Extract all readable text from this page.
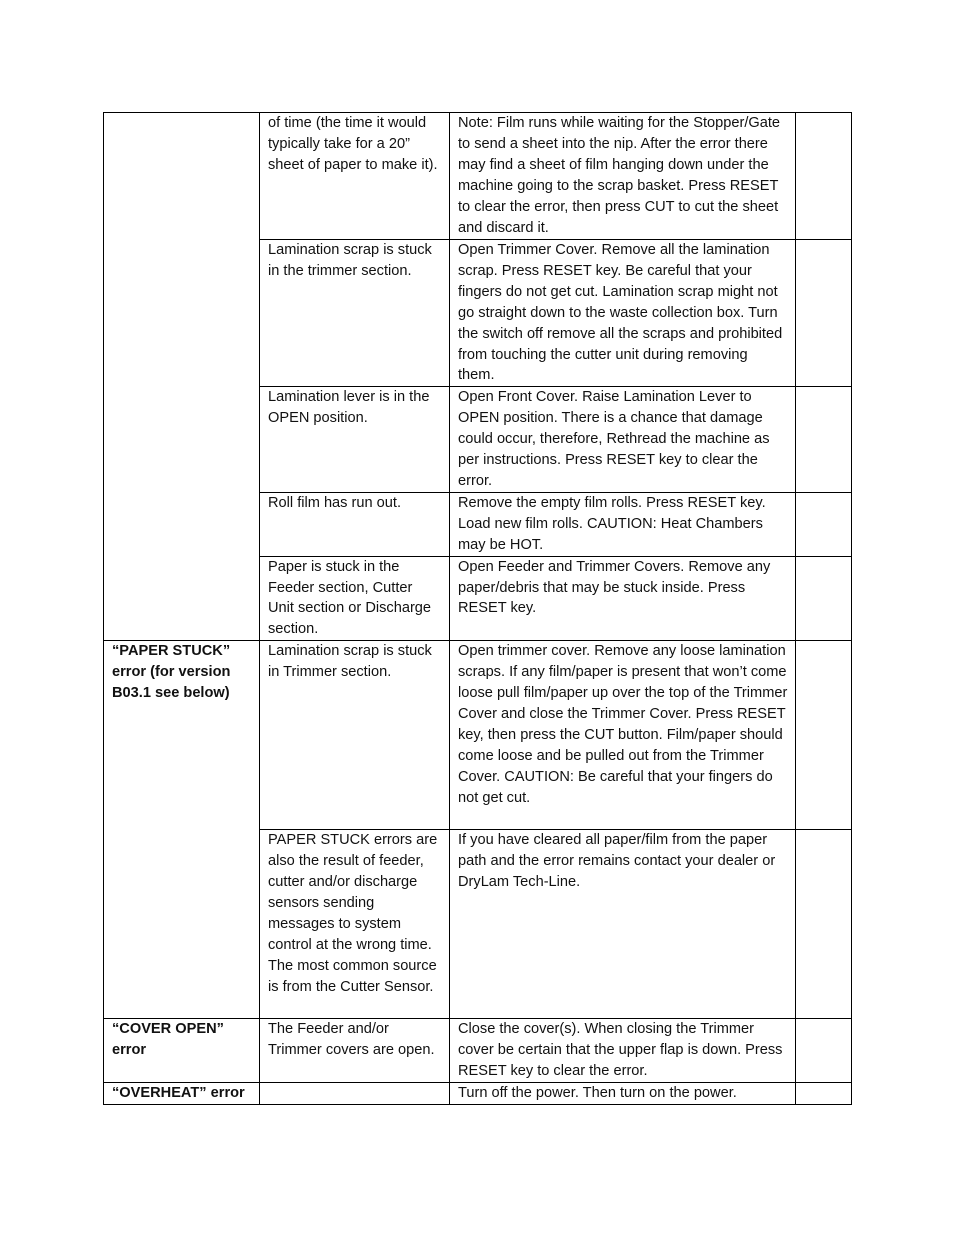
	of time (the time it would typically take for a 20” sheet of paper to make it).	Note: Film runs while waiting for the Stopper/Gate to send a sheet into the nip. After the error there may find a sheet of film hanging down under the machine going to the scrap basket. Press RESET to clear the error, then press CUT to cut the sheet and discard it.	
	Lamination scrap is stuck in the trimmer section.	Open Trimmer Cover. Remove all the lamination scrap. Press RESET key. Be careful that your fingers do not get cut. Lamination scrap might not go straight down to the waste collection box. Turn the switch off remove all the scraps and prohibited from touching the cutter unit during removing them.	
	Lamination lever is in the OPEN position.	Open Front Cover. Raise Lamination Lever to OPEN position. There is a chance that damage could occur, therefore, Rethread the machine as per instructions. Press RESET key to clear the error.	
	Roll film has run out.	Remove the empty film rolls. Press RESET key. Load new film rolls. CAUTION: Heat Chambers may be HOT.	
	Paper is stuck in the Feeder section, Cutter Unit section or Discharge section.	Open Feeder and Trimmer Covers. Remove any paper/debris that may be stuck inside. Press RESET key.	
“PAPER STUCK” error (for version B03.1 see below)	Lamination scrap is stuck in Trimmer section.	Open trimmer cover. Remove any loose lamination scraps. If any film/paper is present that won’t come loose pull film/paper up over the top of the Trimmer Cover and close the Trimmer Cover. Press RESET key, then press the CUT button. Film/paper should come loose and be pulled out from the Trimmer Cover. CAUTION: Be careful that your fingers do not get cut.	
	PAPER STUCK errors are also the result of feeder, cutter and/or discharge sensors sending messages to system control at the wrong time. The most common source is from the Cutter Sensor.	If you have cleared all paper/film from the paper path and the error remains contact your dealer or DryLam Tech-Line.	
“COVER OPEN” error	The Feeder and/or Trimmer covers are open.	Close the cover(s). When closing the Trimmer cover be certain that the upper flap is down. Press RESET key to clear the error.	
“OVERHEAT” error		Turn off the power. Then turn on the power.	
